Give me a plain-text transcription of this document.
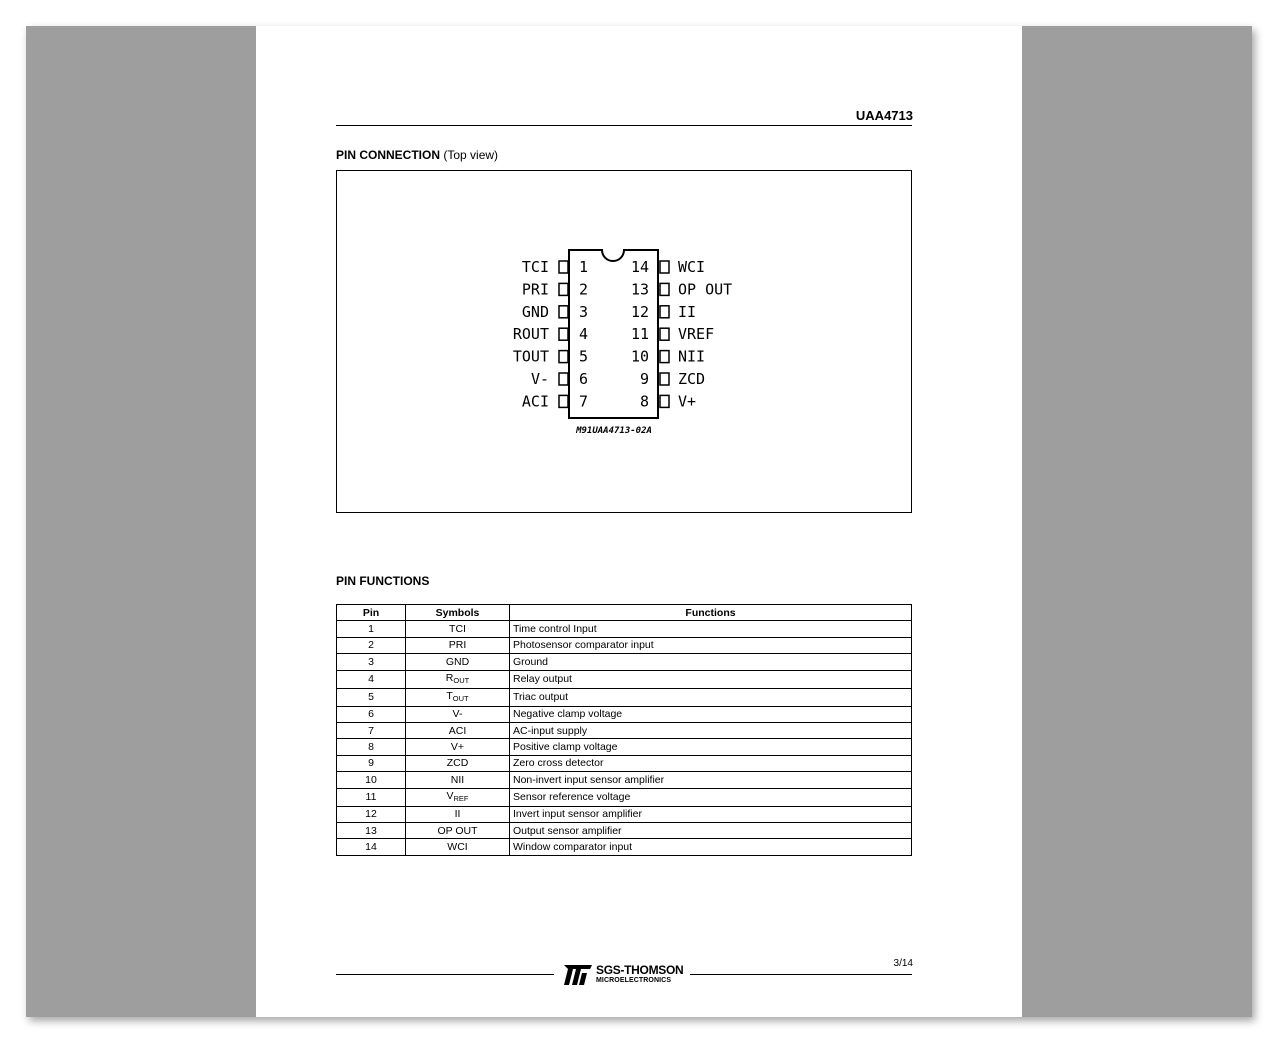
UAA4713
PIN CONNECTION (Top view)
TCI 1
PRI 2
GND 3
ROUT 4
TOUT 5
V- 6
ACI 7
14 WCI
13 OP OUT
12 II
11 VREF
10 NII
9 ZCD
8 V+
M91UAA4713-02A
PIN FUNCTIONS
Pin	Symbols	Functions
1	TCI	Time control Input
2	PRI	Photosensor comparator input
3	GND	Ground
4	$R_{OUT}$	Relay output
5	$T_{OUT}$	Triac output
6	V-	Negative clamp voltage
7	ACI	AC-input supply
8	V+	Positive clamp voltage
9	ZCD	Zero cross detector
10	NII	Non-invert input sensor amplifier
11	$V_{REF}$	Sensor reference voltage
12	II	Invert input sensor amplifier
13	OP OUT	Output sensor amplifier
14	WCI	Window comparator input
3/14
SGS-THOMSON
MICROELECTRONICS
